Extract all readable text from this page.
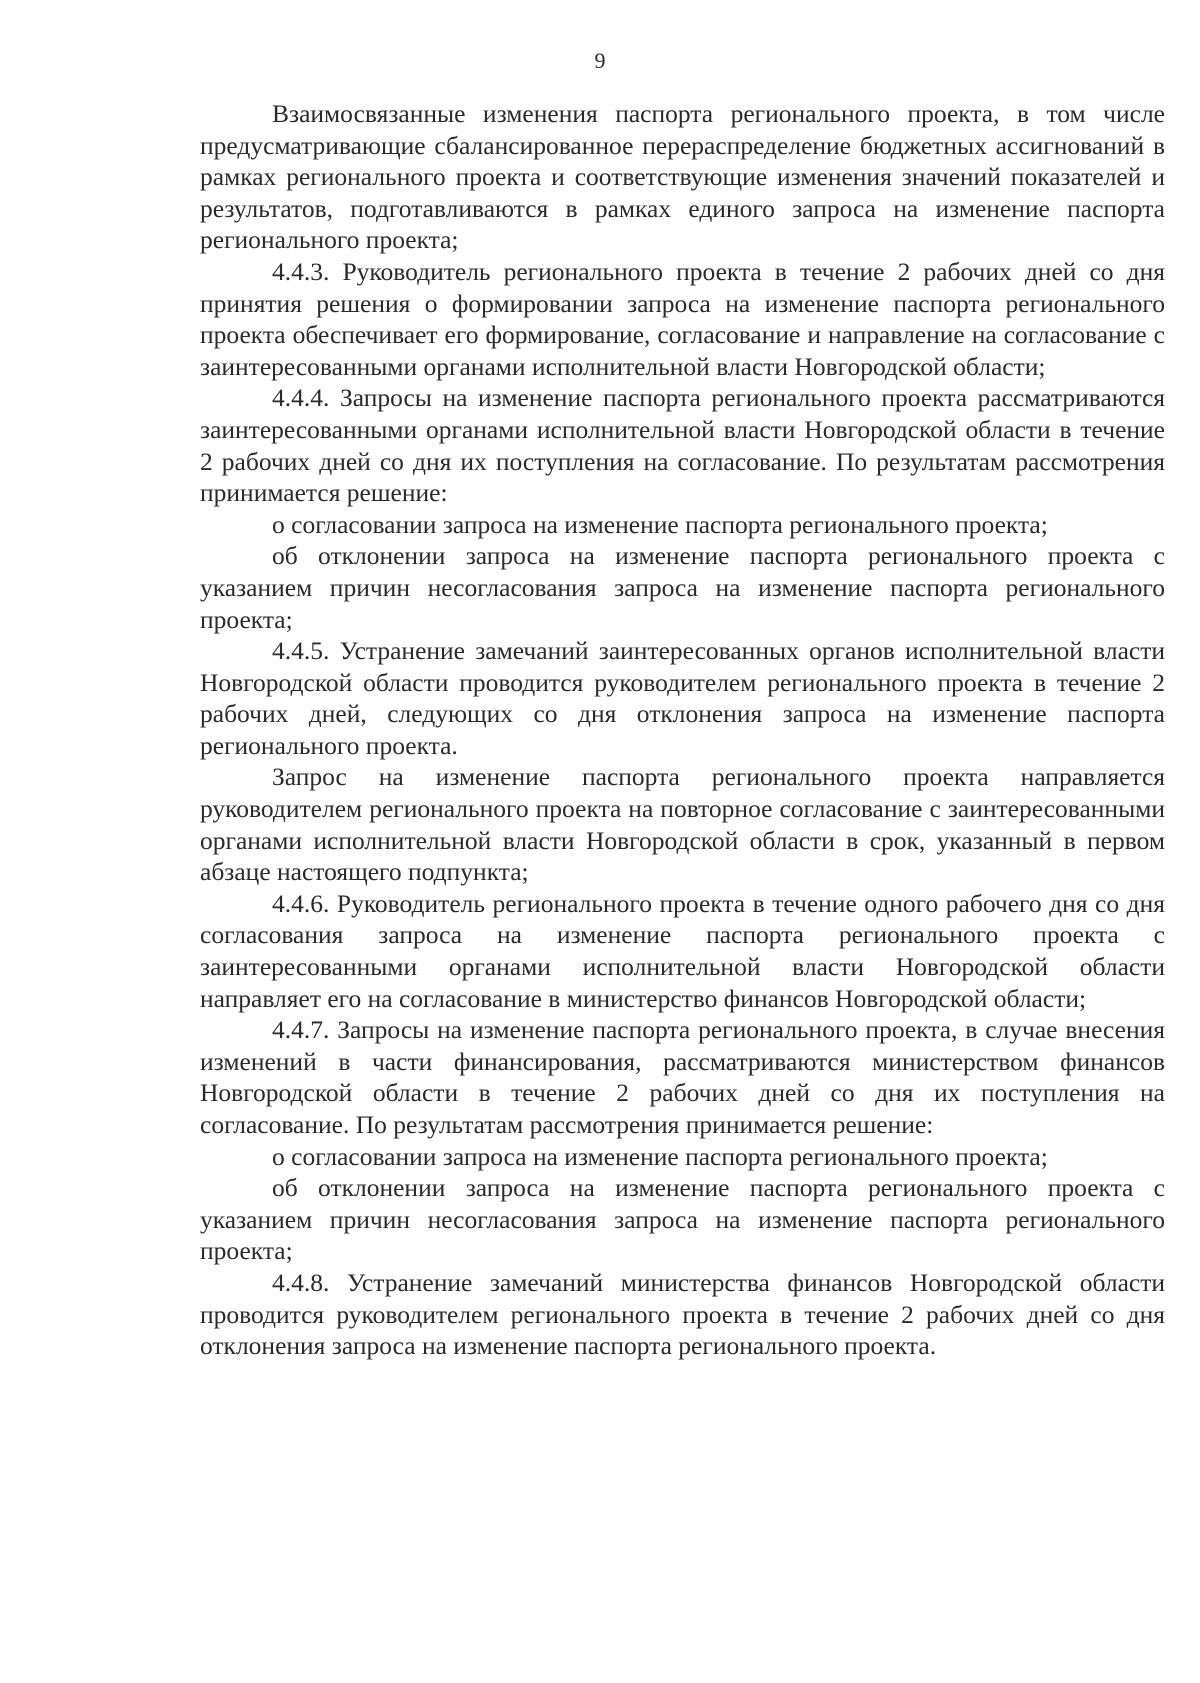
9

Взаимосвязанные изменения паспорта регионального проекта, в том числе предусматривающие сбалансированное перераспределение бюджетных ассигнований в рамках регионального проекта и соответствующие изменения значений показателей и результатов, подготавливаются в рамках единого запроса на изменение паспорта регионального проекта;

4.4.3. Руководитель регионального проекта в течение 2 рабочих дней со дня принятия решения о формировании запроса на изменение паспорта регионального проекта обеспечивает его формирование, согласование и направление на согласование с заинтересованными органами исполнительной власти Новгородской области;

4.4.4. Запросы на изменение паспорта регионального проекта рассматриваются заинтересованными органами исполнительной власти Новгородской области в течение 2 рабочих дней со дня их поступления на согласование. По результатам рассмотрения принимается решение:

о согласовании запроса на изменение паспорта регионального проекта;

об отклонении запроса на изменение паспорта регионального проекта с указанием причин несогласования запроса на изменение паспорта регионального проекта;

4.4.5. Устранение замечаний заинтересованных органов исполнительной власти Новгородской области проводится руководителем регионального проекта в течение 2 рабочих дней, следующих со дня отклонения запроса на изменение паспорта регионального проекта.

Запрос на изменение паспорта регионального проекта направляется руководителем регионального проекта на повторное согласование с заинтересованными органами исполнительной власти Новгородской области в срок, указанный в первом абзаце настоящего подпункта;

4.4.6. Руководитель регионального проекта в течение одного рабочего дня со дня согласования запроса на изменение паспорта регионального проекта с заинтересованными органами исполнительной власти Новгородской области направляет его на согласование в министерство финансов Новгородской области;

4.4.7. Запросы на изменение паспорта регионального проекта, в случае внесения изменений в части финансирования, рассматриваются министерством финансов Новгородской области в течение 2 рабочих дней со дня их поступления на согласование. По результатам рассмотрения принимается решение:

о согласовании запроса на изменение паспорта регионального проекта;

об отклонении запроса на изменение паспорта регионального проекта с указанием причин несогласования запроса на изменение паспорта регионального проекта;

4.4.8. Устранение замечаний министерства финансов Новгородской области проводится руководителем регионального проекта в течение 2 рабочих дней со дня отклонения запроса на изменение паспорта регионального проекта.
